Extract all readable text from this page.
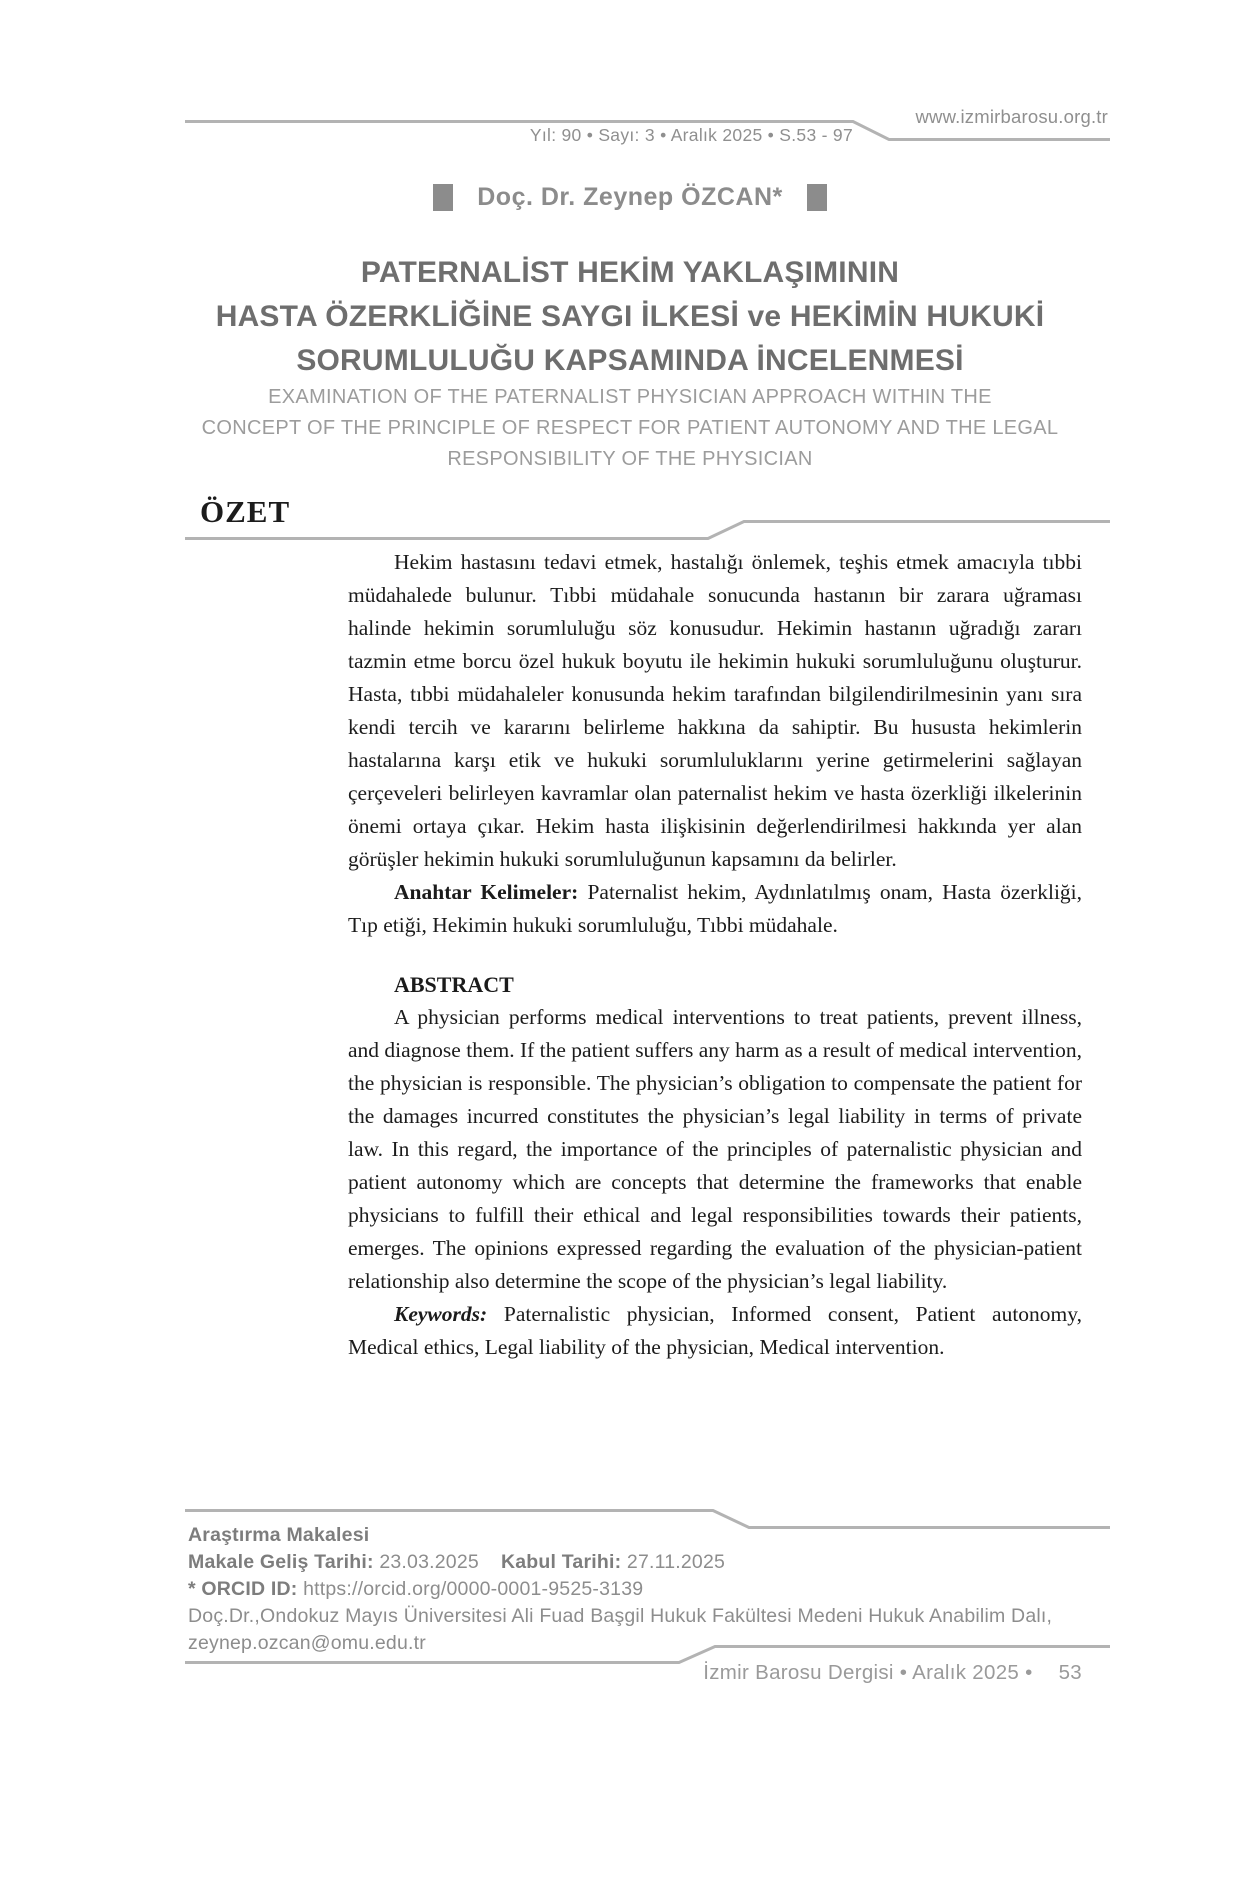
Yıl: 90 • Sayı: 3 • Aralık 2025 • S.53 - 97
www.izmirbarosu.org.tr
Doç. Dr. Zeynep ÖZCAN*
PATERNALİST HEKİM YAKLAŞIMININ
HASTA ÖZERKLİĞİNE SAYGI İLKESİ ve HEKİMİN HUKUKİ
SORUMLULUĞU KAPSAMINDA İNCELENMESİ
EXAMINATION OF THE PATERNALIST PHYSICIAN APPROACH WITHIN THE
CONCEPT OF THE PRINCIPLE OF RESPECT FOR PATIENT AUTONOMY AND THE LEGAL
RESPONSIBILITY OF THE PHYSICIAN
ÖZET

Hekim hastasını tedavi etmek, hastalığı önlemek, teşhis etmek amacıyla tıbbi müdahalede bulunur. Tıbbi müdahale sonucunda hastanın bir zarara uğraması halinde hekimin sorumluluğu söz konusudur. Hekimin hastanın uğradığı zararı tazmin etme borcu özel hukuk boyutu ile hekimin hukuki sorumluluğunu oluşturur. Hasta, tıbbi müdahaleler konusunda hekim tarafından bilgilendirilmesinin yanı sıra kendi tercih ve kararını belirleme hakkına da sahiptir. Bu hususta hekimlerin hastalarına karşı etik ve hukuki sorumluluklarını yerine getirmelerini sağlayan çerçeveleri belirleyen kavramlar olan paternalist hekim ve hasta özerkliği ilkelerinin önemi ortaya çıkar. Hekim hasta ilişkisinin değerlendirilmesi hakkında yer alan görüşler hekimin hukuki sorumluluğunun kapsamını da belirler.

Anahtar Kelimeler: Paternalist hekim, Aydınlatılmış onam, Hasta özerkliği, Tıp etiği, Hekimin hukuki sorumluluğu, Tıbbi müdahale.

ABSTRACT

A physician performs medical interventions to treat patients, prevent illness, and diagnose them. If the patient suffers any harm as a result of medical intervention, the physician is responsible. The physician’s obligation to compensate the patient for the damages incurred constitutes the physician’s legal liability in terms of private law. In this regard, the importance of the principles of paternalistic physician and patient autonomy which are concepts that determine the frameworks that enable physicians to fulfill their ethical and legal responsibilities towards their patients, emerges. The opinions expressed regarding the evaluation of the physician-patient relationship also determine the scope of the physician’s legal liability.

Keywords: Paternalistic physician, Informed consent, Patient autonomy, Medical ethics, Legal liability of the physician, Medical intervention.

Araştırma Makalesi
Makale Geliş Tarihi: 23.03.2025 Kabul Tarihi: 27.11.2025
* ORCID ID: https://orcid.org/0000-0001-9525-3139
Doç.Dr.,Ondokuz Mayıs Üniversitesi Ali Fuad Başgil Hukuk Fakültesi Medeni Hukuk Anabilim Dalı,
zeynep.ozcan@omu.edu.tr
İzmir Barosu Dergisi • Aralık 2025 • 53
